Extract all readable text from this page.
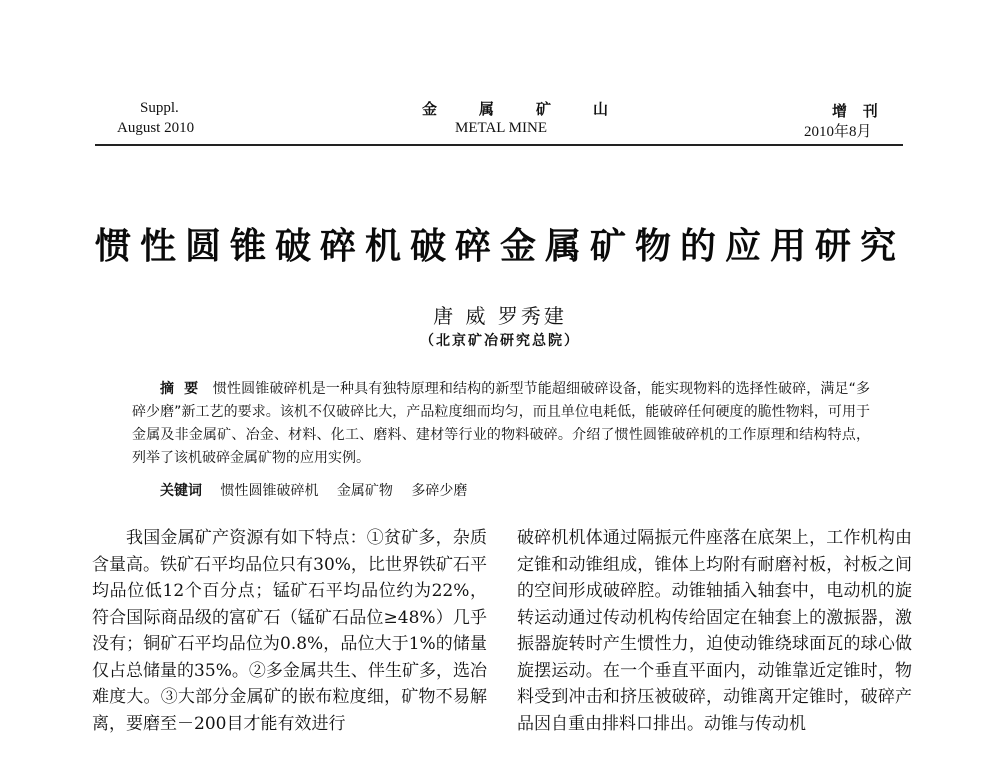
Suppl.
August 2010
金属矿山
METAL MINE
增 刊
2010年8月
惯性圆锥破碎机破碎金属矿物的应用研究
唐 威 罗秀建
（北京矿冶研究总院）
摘要 惯性圆锥破碎机是一种具有独特原理和结构的新型节能超细破碎设备，能实现物料的选择性破碎，满足“多碎少磨”新工艺的要求。该机不仅破碎比大，产品粒度细而均匀，而且单位电耗低，能破碎任何硬度的脆性物料，可用于金属及非金属矿、冶金、材料、化工、磨料、建材等行业的物料破碎。介绍了惯性圆锥破碎机的工作原理和结构特点，列举了该机破碎金属矿物的应用实例。
关键词 惯性圆锥破碎机 金属矿物 多碎少磨

我国金属矿产资源有如下特点：①贫矿多，杂质含量高。铁矿石平均品位只有30%，比世界铁矿石平均品位低12个百分点；锰矿石平均品位约为22%，符合国际商品级的富矿石（锰矿石品位≥48%）几乎没有；铜矿石平均品位为0.8%，品位大于1%的储量仅占总储量的35%。②多金属共生、伴生矿多，选冶难度大。③大部分金属矿的嵌布粒度细，矿物不易解离，要磨至－200目才能有效进行

破碎机机体通过隔振元件座落在底架上，工作机构由定锥和动锥组成，锥体上均附有耐磨衬板，衬板之间的空间形成破碎腔。动锥轴插入轴套中，电动机的旋转运动通过传动机构传给固定在轴套上的激振器，激振器旋转时产生惯性力，迫使动锥绕球面瓦的球心做旋摆运动。在一个垂直平面内，动锥靠近定锥时，物料受到冲击和挤压被破碎，动锥离开定锥时，破碎产品因自重由排料口排出。动锥与传动机
